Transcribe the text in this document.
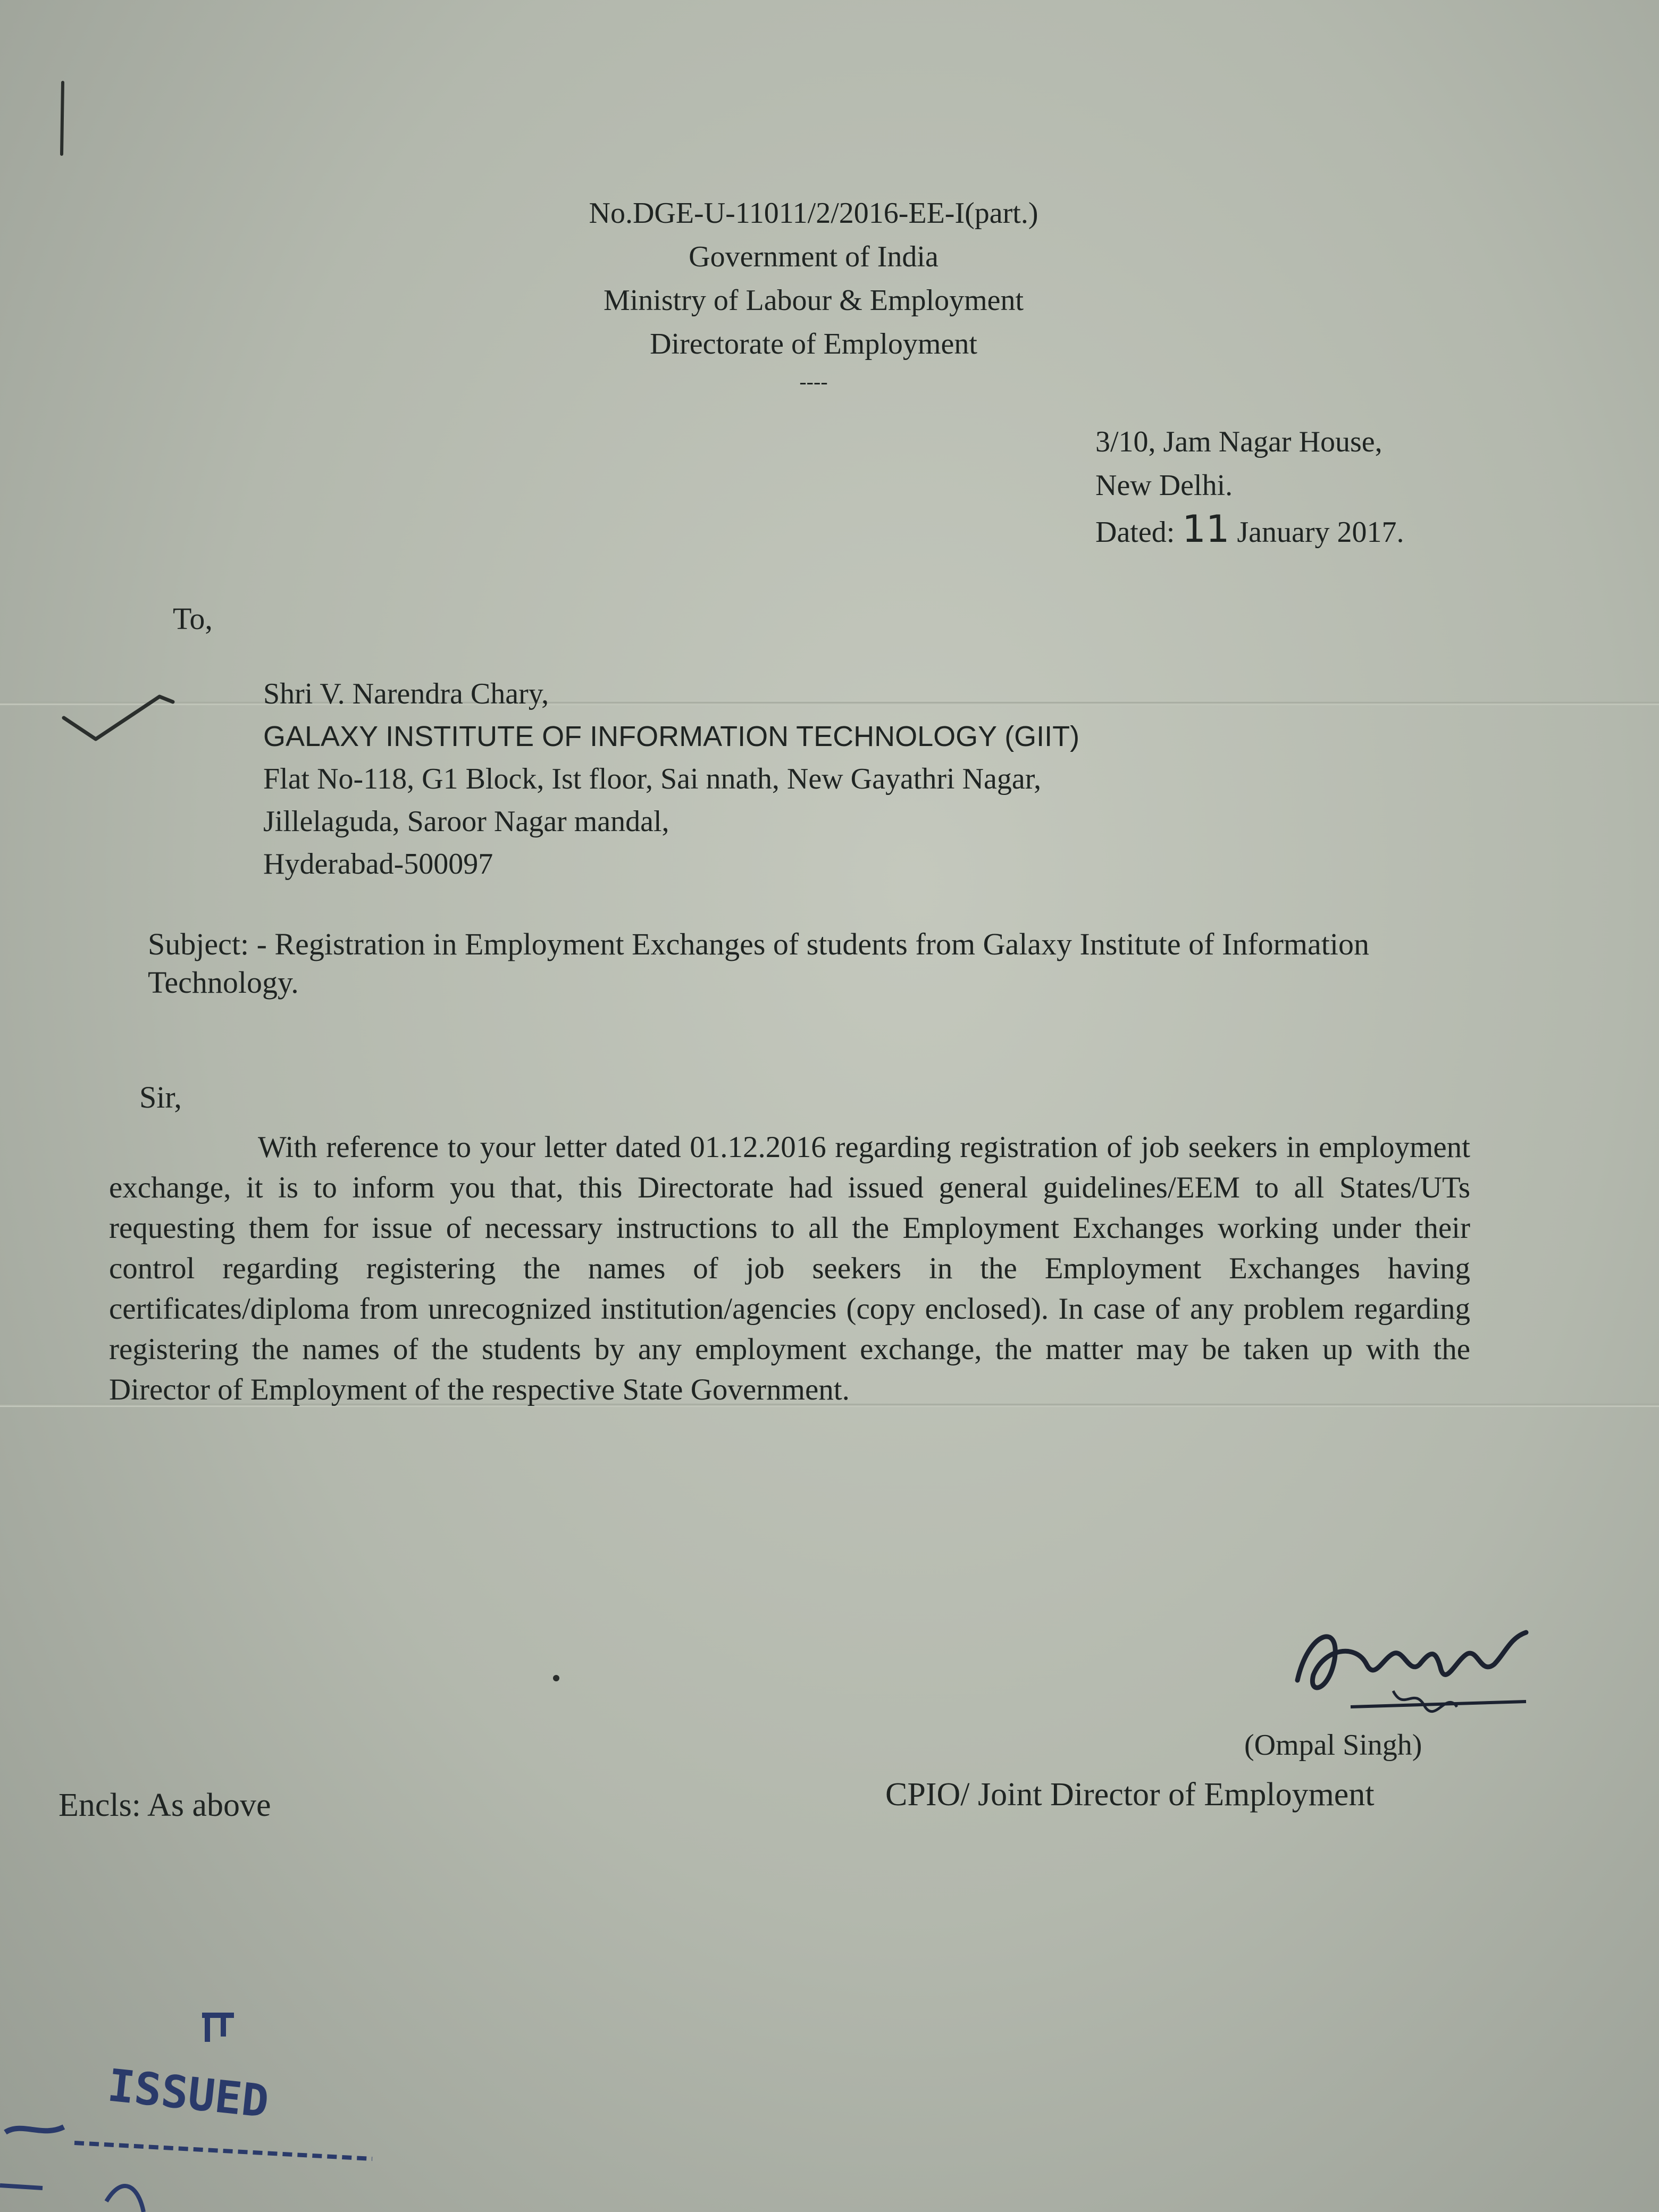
No.DGE-U-11011/2/2016-EE-I(part.)
Government of India
Ministry of Labour & Employment
Directorate of Employment
----
3/10, Jam Nagar House,
New Delhi.
Dated: 11 January 2017.
To,
Shri V. Narendra Chary,
GALAXY INSTITUTE OF INFORMATION TECHNOLOGY (GIIT)
Flat No-118, G1 Block, Ist floor, Sai nnath, New Gayathri Nagar,
Jillelaguda, Saroor Nagar mandal,
Hyderabad-500097
Subject: - Registration in Employment Exchanges of students from Galaxy Institute of Information Technology.
Sir,
With reference to your letter dated 01.12.2016 regarding registration of job seekers in employment exchange, it is to inform you that, this Directorate had issued general guidelines/EEM to all States/UTs requesting them for issue of necessary instructions to all the Employment Exchanges working under their control regarding registering the names of job seekers in the Employment Exchanges having certificates/diploma from unrecognized institution/agencies (copy enclosed). In case of any problem regarding registering the names of the students by any employment exchange, the matter may be taken up with the Director of Employment of the respective State Government.
(Ompal Singh)
CPIO/ Joint Director of Employment
Encls: As above
ISSUED
